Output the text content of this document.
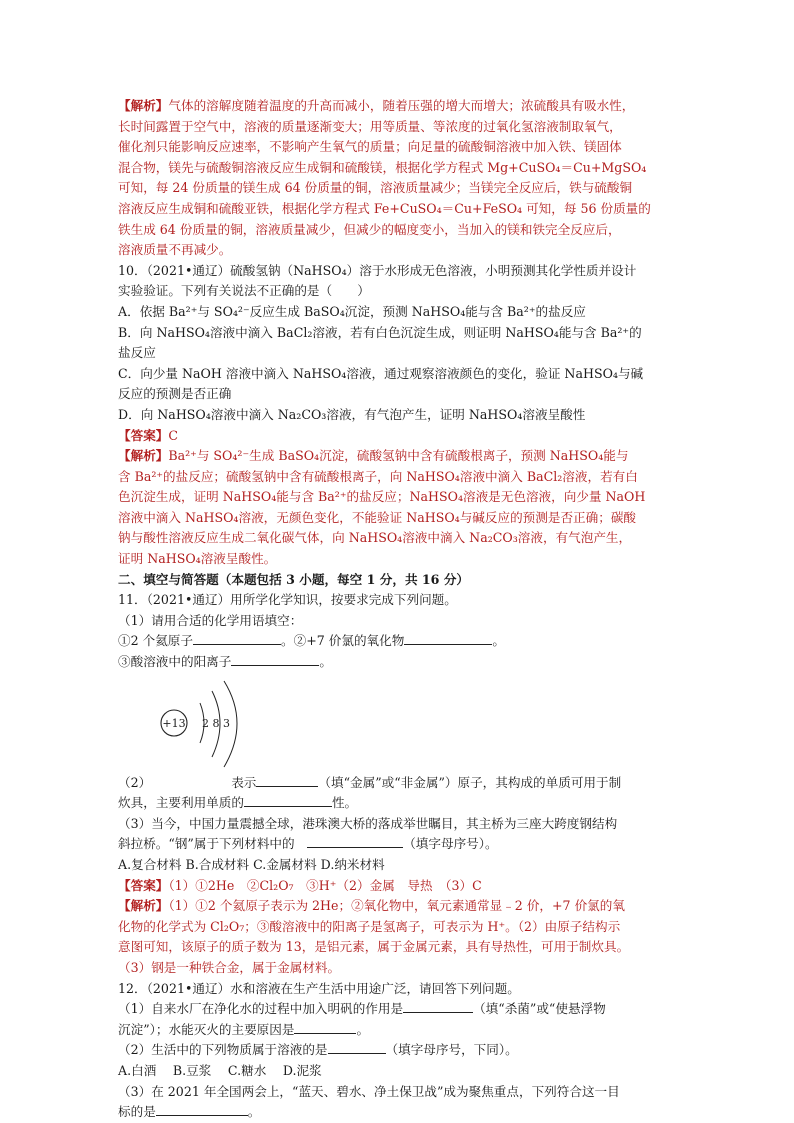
【解析】气体的溶解度随着温度的升高而减小，随着压强的增大而增大；浓硫酸具有吸水性，
长时间露置于空气中，溶液的质量逐渐变大；用等质量、等浓度的过氧化氢溶液制取氧气，
催化剂只能影响反应速率，不影响产生氧气的质量；向足量的硫酸铜溶液中加入铁、镁固体
混合物，镁先与硫酸铜溶液反应生成铜和硫酸镁，根据化学方程式 Mg+CuSO₄＝Cu+MgSO₄
可知，每 24 份质量的镁生成 64 份质量的铜，溶液质量减少；当镁完全反应后，铁与硫酸铜
溶液反应生成铜和硫酸亚铁，根据化学方程式 Fe+CuSO₄＝Cu+FeSO₄ 可知，每 56 份质量的
铁生成 64 份质量的铜，溶液质量减少，但减少的幅度变小，当加入的镁和铁完全反应后，
溶液质量不再减少。
10．（2021•通辽）硫酸氢钠（NaHSO₄）溶于水形成无色溶液，小明预测其化学性质并设计
实验验证。下列有关说法不正确的是（　　）
A．依据 Ba²⁺与 SO₄²⁻反应生成 BaSO₄沉淀，预测 NaHSO₄能与含 Ba²⁺的盐反应
B．向 NaHSO₄溶液中滴入 BaCl₂溶液，若有白色沉淀生成，则证明 NaHSO₄能与含 Ba²⁺的
盐反应
C．向少量 NaOH 溶液中滴入 NaHSO₄溶液，通过观察溶液颜色的变化，验证 NaHSO₄与碱
反应的预测是否正确
D．向 NaHSO₄溶液中滴入 Na₂CO₃溶液，有气泡产生，证明 NaHSO₄溶液呈酸性
【答案】C
【解析】Ba²⁺与 SO₄²⁻生成 BaSO₄沉淀，硫酸氢钠中含有硫酸根离子，预测 NaHSO₄能与
含 Ba²⁺的盐反应；硫酸氢钠中含有硫酸根离子，向 NaHSO₄溶液中滴入 BaCl₂溶液，若有白
色沉淀生成，证明 NaHSO₄能与含 Ba²⁺的盐反应；NaHSO₄溶液是无色溶液，向少量 NaOH
溶液中滴入 NaHSO₄溶液，无颜色变化，不能验证 NaHSO₄与碱反应的预测是否正确；碳酸
钠与酸性溶液反应生成二氧化碳气体，向 NaHSO₄溶液中滴入 Na₂CO₃溶液，有气泡产生，
证明 NaHSO₄溶液呈酸性。
二、填空与简答题（本题包括 3 小题，每空 1 分，共 16 分）
11．（2021•通辽）用所学化学知识，按要求完成下列问题。
（1）请用合适的化学用语填空：
①2 个氦原子	。②+7 价氯的氧化物	。
③酸溶液中的阳离子	。
+13 2 8 3
（2）	表示	（填“金属”或“非金属”）原子，其构成的单质可用于制
炊具，主要利用单质的	性。
（3）当今，中国力量震撼全球，港珠澳大桥的落成举世瞩目，其主桥为三座大跨度钢结构
斜拉桥。“钢”属于下列材料中的　	（填字母序号）。
A.复合材料 B.合成材料 C.金属材料 D.纳米材料
【答案】（1）①2He　②Cl₂O₇　③H⁺（2）金属　导热　（3）C
【解析】（1）①2 个氦原子表示为 2He；②氧化物中，氧元素通常显﹣2 价，+7 价氯的氧
化物的化学式为 Cl₂O₇；③酸溶液中的阳离子是氢离子，可表示为 H⁺。（2）由原子结构示
意图可知，该原子的质子数为 13，是铝元素，属于金属元素，具有导热性，可用于制炊具。
（3）钢是一种铁合金，属于金属材料。
12．（2021•通辽）水和溶液在生产生活中用途广泛，请回答下列问题。
（1）自来水厂在净化水的过程中加入明矾的作用是	（填“杀菌”或“使悬浮物
沉淀”）；水能灭火的主要原因是	。
（2）生活中的下列物质属于溶液的是	（填字母序号，下同）。
A.白酒　 B.豆浆　 C.糖水　 D.泥浆
（3）在 2021 年全国两会上，“蓝天、碧水、净土保卫战”成为聚焦重点，下列符合这一目
标的是	。
